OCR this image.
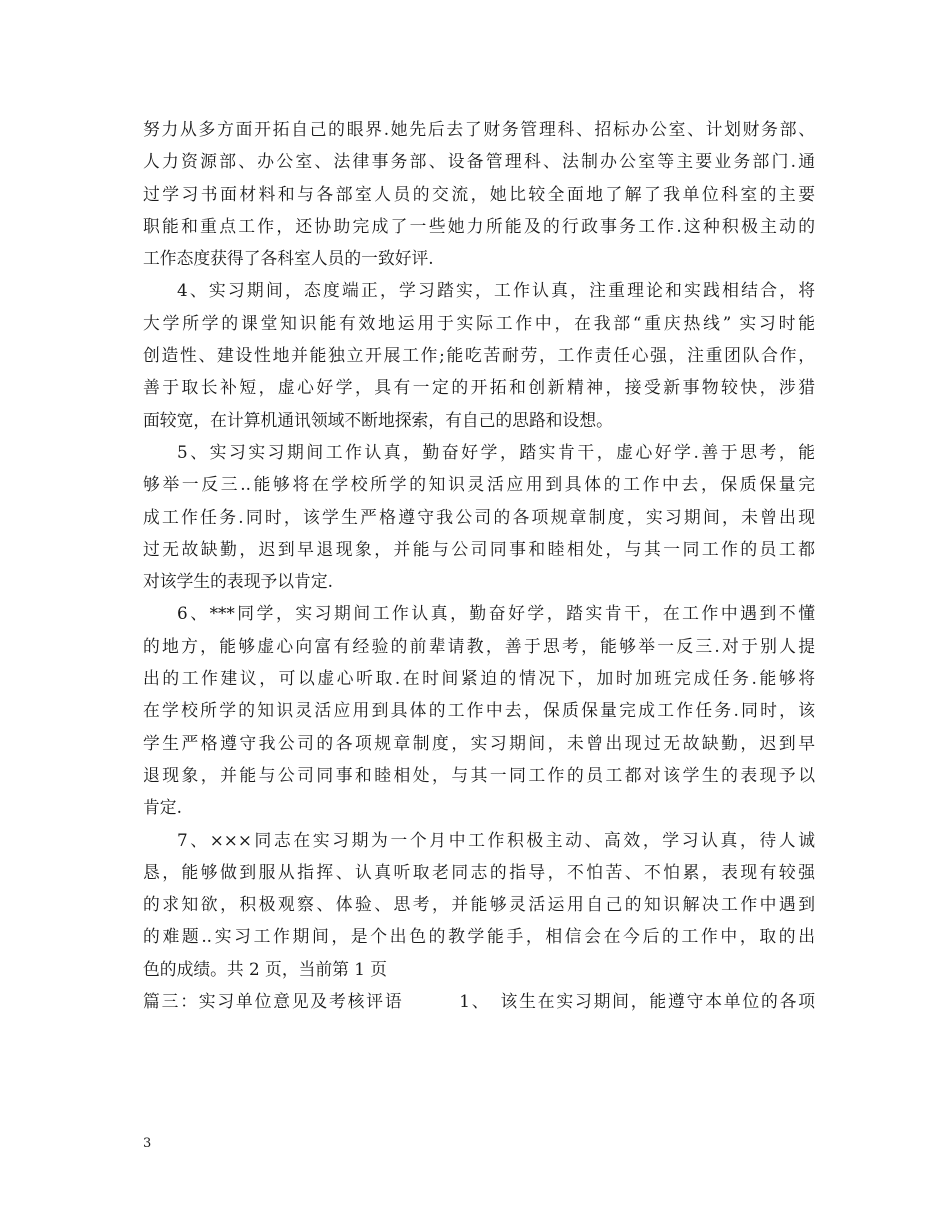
努力从多方面开拓自己的眼界.她先后去了财务管理科、招标办公室、计划财务部、
人力资源部、办公室、法律事务部、设备管理科、法制办公室等主要业务部门.通
过学习书面材料和与各部室人员的交流，她比较全面地了解了我单位科室的主要
职能和重点工作，还协助完成了一些她力所能及的行政事务工作.这种积极主动的
工作态度获得了各科室人员的一致好评.
4、实习期间，态度端正，学习踏实，工作认真，注重理论和实践相结合，将
大学所学的课堂知识能有效地运用于实际工作中，在我部“重庆热线” 实习时能
创造性、建设性地并能独立开展工作;能吃苦耐劳，工作责任心强，注重团队合作，
善于取长补短，虚心好学，具有一定的开拓和创新精神，接受新事物较快，涉猎
面较宽，在计算机通讯领域不断地探索，有自己的思路和设想。
5、实习实习期间工作认真，勤奋好学，踏实肯干，虚心好学.善于思考，能
够举一反三..能够将在学校所学的知识灵活应用到具体的工作中去，保质保量完
成工作任务.同时，该学生严格遵守我公司的各项规章制度，实习期间，未曾出现
过无故缺勤，迟到早退现象，并能与公司同事和睦相处，与其一同工作的员工都
对该学生的表现予以肯定.
6、***同学，实习期间工作认真，勤奋好学，踏实肯干，在工作中遇到不懂
的地方，能够虚心向富有经验的前辈请教，善于思考，能够举一反三.对于别人提
出的工作建议，可以虚心听取.在时间紧迫的情况下，加时加班完成任务.能够将
在学校所学的知识灵活应用到具体的工作中去，保质保量完成工作任务.同时，该
学生严格遵守我公司的各项规章制度，实习期间，未曾出现过无故缺勤，迟到早
退现象，并能与公司同事和睦相处，与其一同工作的员工都对该学生的表现予以
肯定.
7、×××同志在实习期为一个月中工作积极主动、高效，学习认真，待人诚
恳，能够做到服从指挥、认真听取老同志的指导，不怕苦、不怕累，表现有较强
的求知欲，积极观察、体验、思考，并能够灵活运用自己的知识解决工作中遇到
的难题..实习工作期间，是个出色的教学能手，相信会在今后的工作中，取的出
色的成绩。共 2 页，当前第 1 页
篇三：实习单位意见及考核评语　　　1、　该生在实习期间，能遵守本单位的各项
3
